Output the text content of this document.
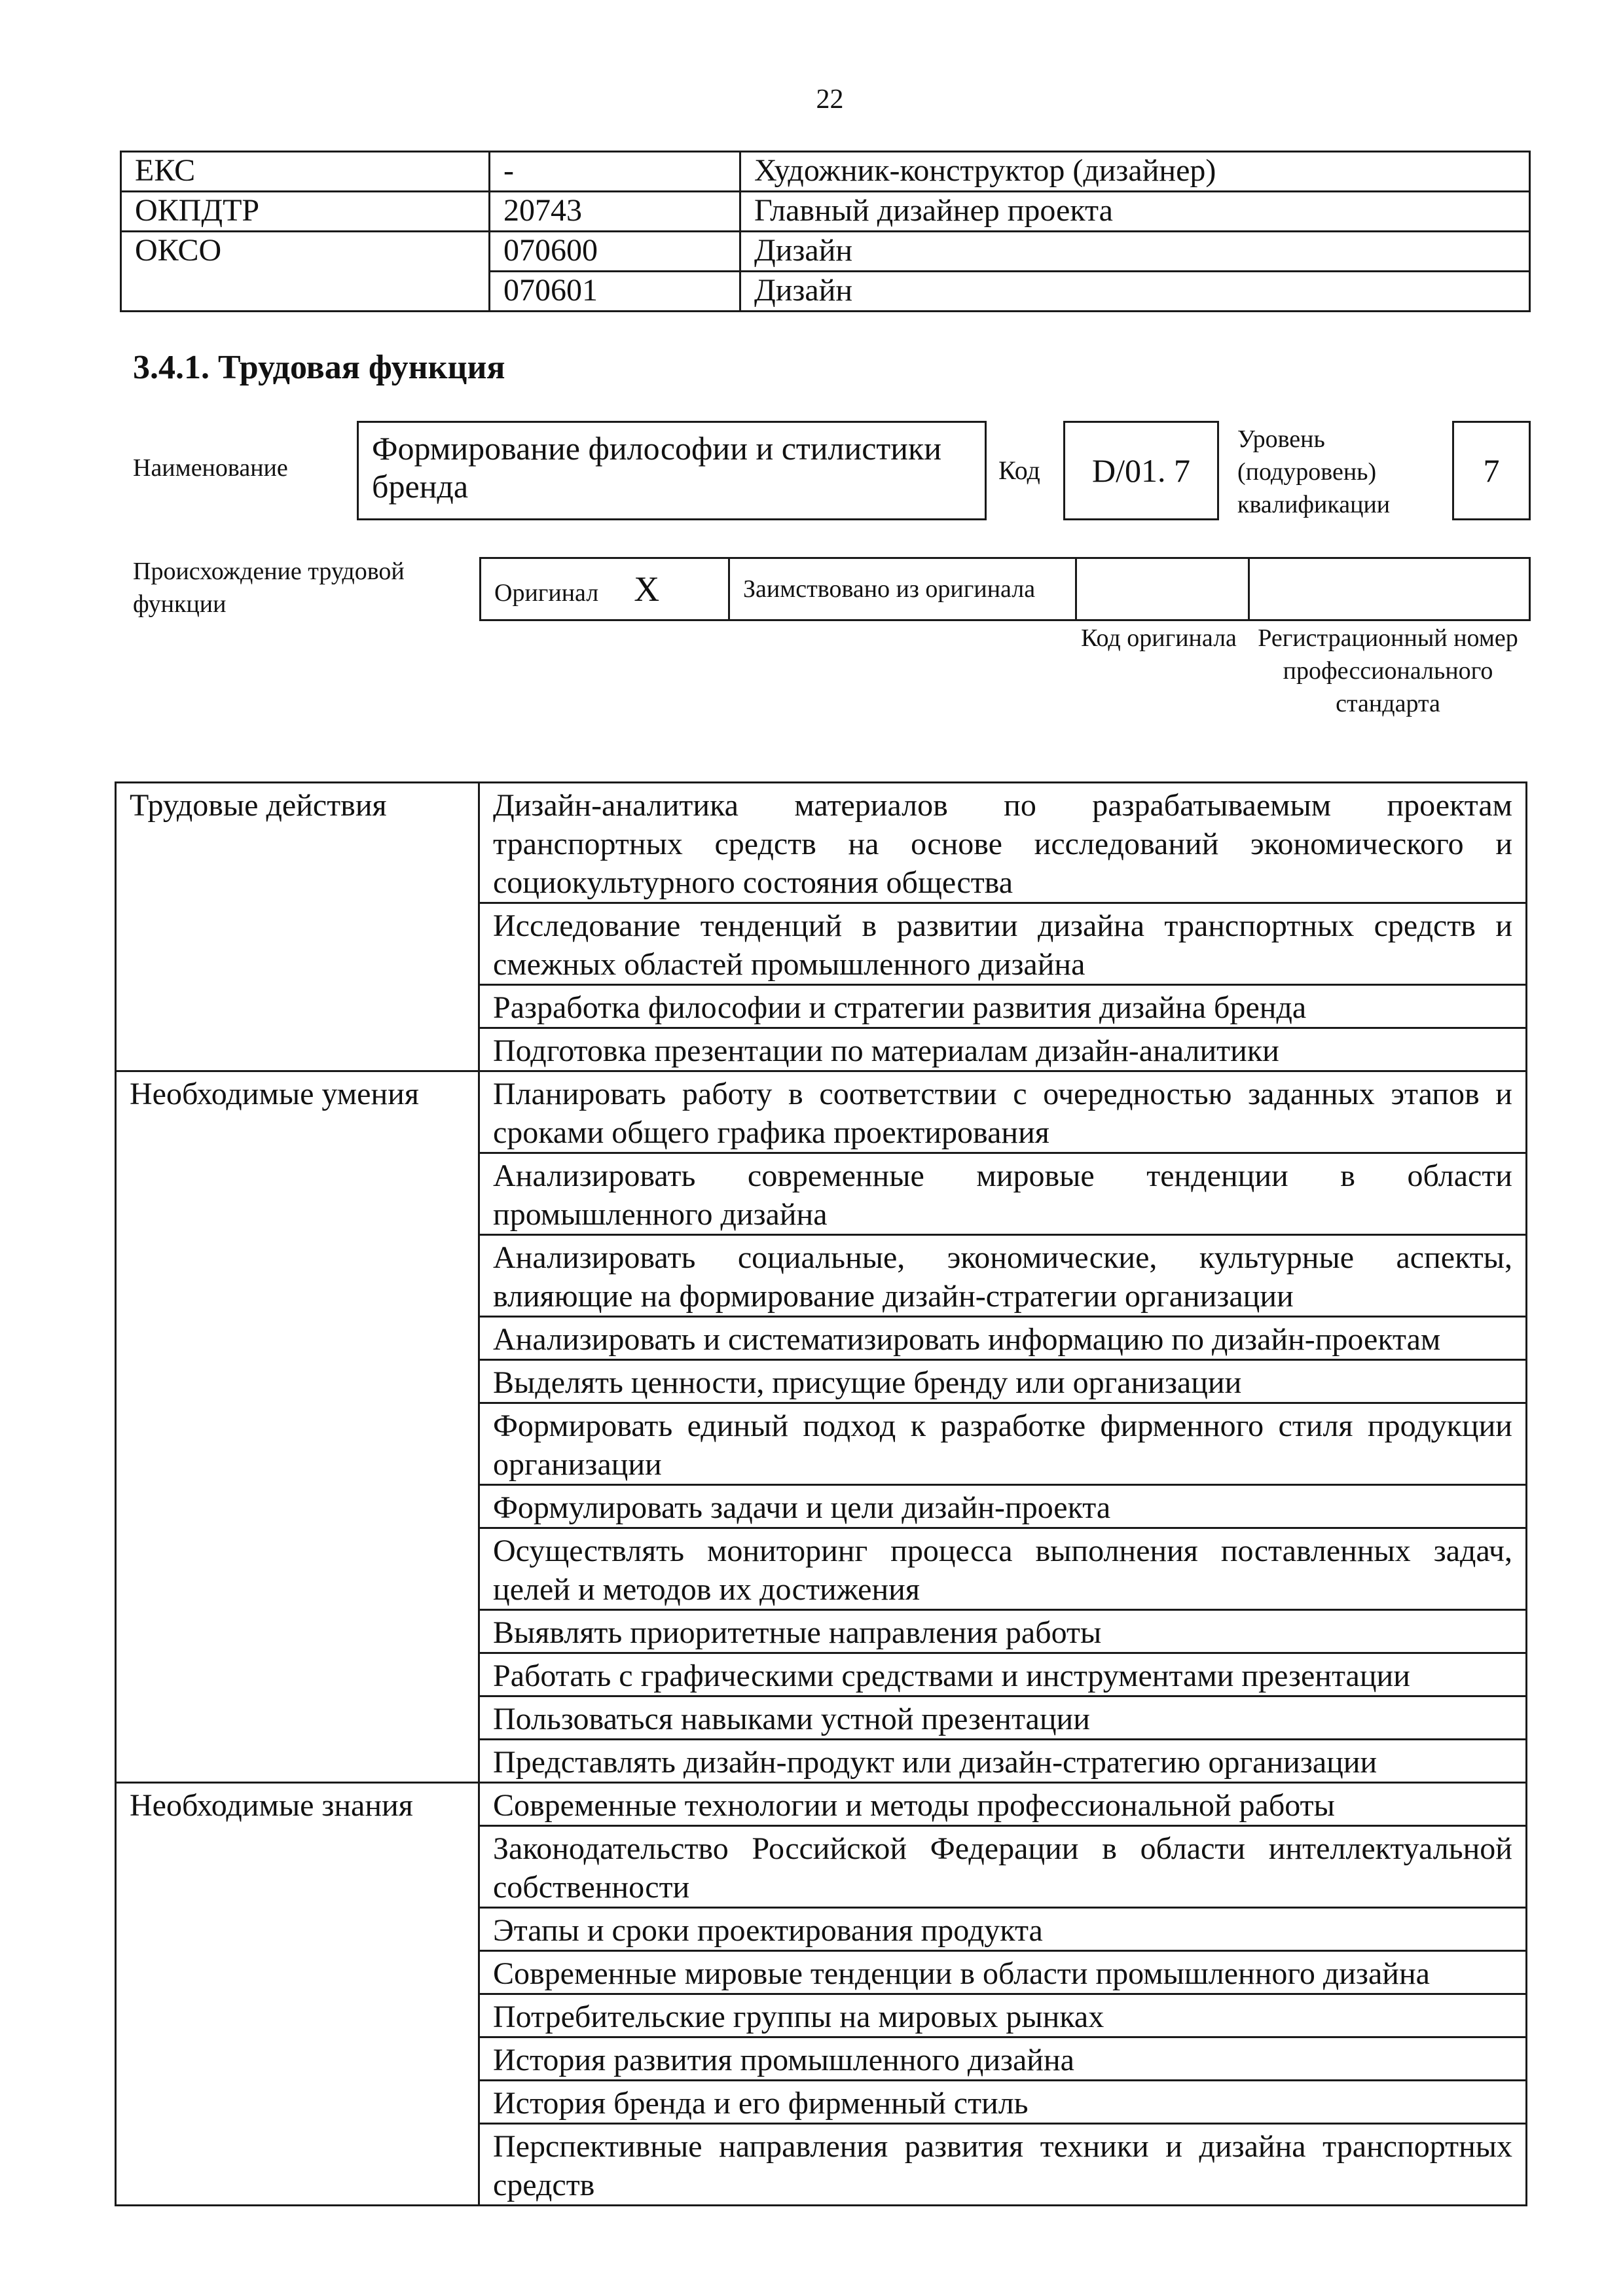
22
ЕКС	-	Художник-конструктор (дизайнер)
ОКПДТР	20743	Главный дизайнер проекта
ОКСО	070600	Дизайн
	070601	Дизайн
3.4.1. Трудовая функция
Наименование
Формирование философии и стилистики бренда	Код	D/01. 7
Уровень (подуровень) квалификации
7
Происхождение трудовой функции	Оригинал X	Заимствовано из оригинала		
Код оригинала Регистрационный номер профессионального стандарта
Трудовые действия	Дизайн-аналитика материалов по разрабатываемым проектам транспортных средств на основе исследований экономического и социокультурного состояния общества
	Исследование тенденций в развитии дизайна транспортных средств и смежных областей промышленного дизайна
	Разработка философии и стратегии развития дизайна бренда
	Подготовка презентации по материалам дизайн-аналитики
Необходимые умения	Планировать работу в соответствии с очередностью заданных этапов и сроками общего графика проектирования
	Анализировать современные мировые тенденции в области промышленного дизайна
	Анализировать социальные, экономические, культурные аспекты, влияющие на формирование дизайн-стратегии организации
	Анализировать и систематизировать информацию по дизайн-проектам
	Выделять ценности, присущие бренду или организации
	Формировать единый подход к разработке фирменного стиля продукции организации
	Формулировать задачи и цели дизайн-проекта
	Осуществлять мониторинг процесса выполнения поставленных задач, целей и методов их достижения
	Выявлять приоритетные направления работы
	Работать с графическими средствами и инструментами презентации
	Пользоваться навыками устной презентации
	Представлять дизайн-продукт или дизайн-стратегию организации
Необходимые знания	Современные технологии и методы профессиональной работы
	Законодательство Российской Федерации в области интеллектуальной собственности
	Этапы и сроки проектирования продукта
	Современные мировые тенденции в области промышленного дизайна
	Потребительские группы на мировых рынках
	История развития промышленного дизайна
	История бренда и его фирменный стиль
	Перспективные направления развития техники и дизайна транспортных средств
